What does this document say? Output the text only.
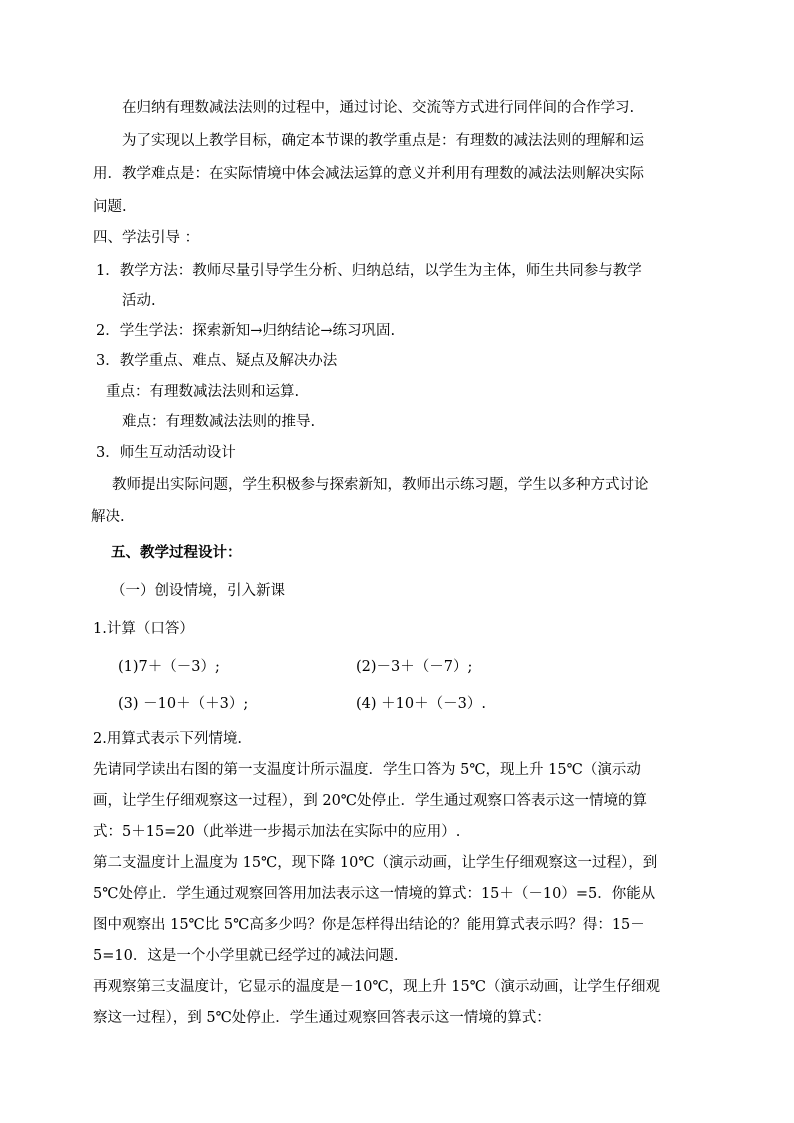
在归纳有理数减法法则的过程中，通过讨论、交流等方式进行同伴间的合作学习.
为了实现以上教学目标，确定本节课的教学重点是：有理数的减法法则的理解和运
用．教学难点是：在实际情境中体会减法运算的意义并利用有理数的减法法则解决实际
问题.
四、学法引导 ：
1．教学方法：教师尽量引导学生分析、归纳总结，以学生为主体，师生共同参与教学
活动.
2．学生学法：探索新知→归纳结论→练习巩固.
3．教学重点、难点、疑点及解决办法
重点：有理数减法法则和运算.
难点：有理数减法法则的推导.
3．师生互动活动设计
教师提出实际问题，学生积极参与探索新知，教师出示练习题，学生以多种方式讨论
解决.
五、教学过程设计：
（一）创设情境，引入新课
1.计算（口答）
(1)7＋（－3）;	(2)－3＋（－7）;
(3) －10＋（＋3）;	(4) ＋10＋（－3）.
2.用算式表示下列情境.
先请同学读出右图的第一支温度计所示温度．学生口答为 5℃，现上升 15℃（演示动
画，让学生仔细观察这一过程），到 20℃处停止．学生通过观察口答表示这一情境的算
式：5＋15=20（此举进一步揭示加法在实际中的应用）.
第二支温度计上温度为 15℃，现下降 10℃（演示动画，让学生仔细观察这一过程），到
5℃处停止．学生通过观察回答用加法表示这一情境的算式：15＋（－10）=5．你能从
图中观察出 15℃比 5℃高多少吗？你是怎样得出结论的？能用算式表示吗？得：15－
5=10．这是一个小学里就已经学过的减法问题.
再观察第三支温度计，它显示的温度是－10℃，现上升 15℃（演示动画，让学生仔细观
察这一过程），到 5℃处停止．学生通过观察回答表示这一情境的算式：
